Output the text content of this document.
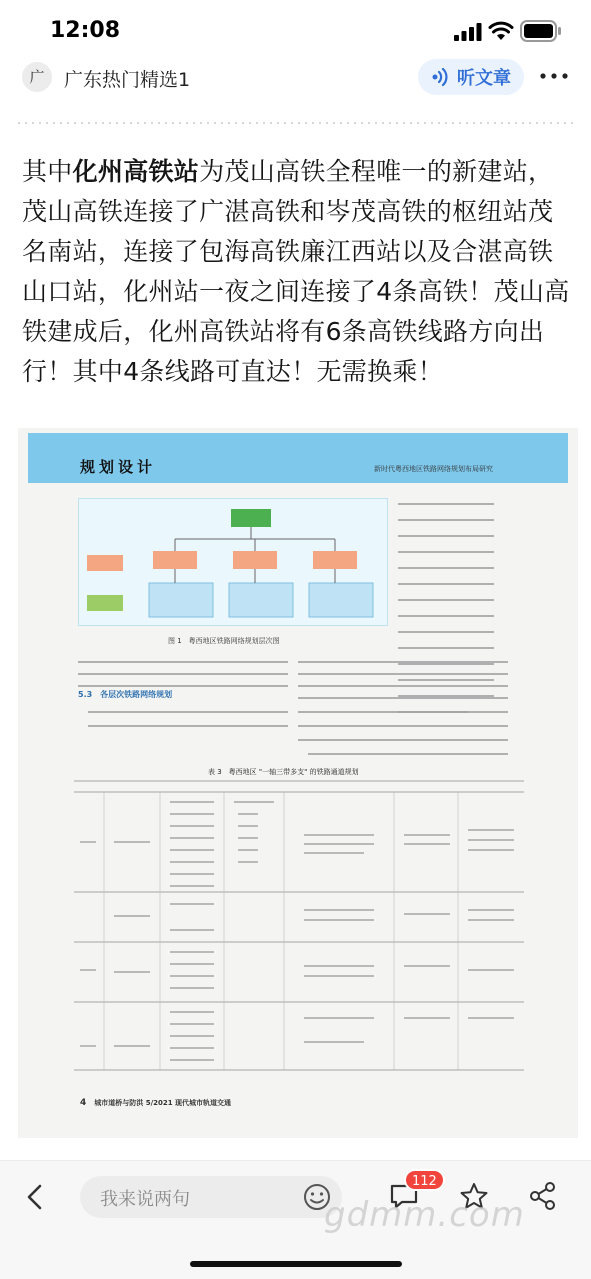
12:08
广	广东热门精选1	听文章

其中化州高铁站为茂山高铁全程唯一的新建站，茂山高铁连接了广湛高铁和岑茂高铁的枢纽站茂名南站，连接了包海高铁廉江西站以及合湛高铁山口站，化州站一夜之间连接了4条高铁！茂山高铁建成后，化州高铁站将有6条高铁线路方向出行！其中4条线路可直达！无需换乘！

规划设计	新时代粤西地区铁路网络规划布局研究
图 1　粤西地区铁路网络规划层次图
5.3　各层次铁路网络规划
表 3　粤西地区 "一轴三带多支" 的铁路通道规划
4 城市道桥与防洪 5/2021 现代城市轨道交通
我来说两句
112
gdmm.com
